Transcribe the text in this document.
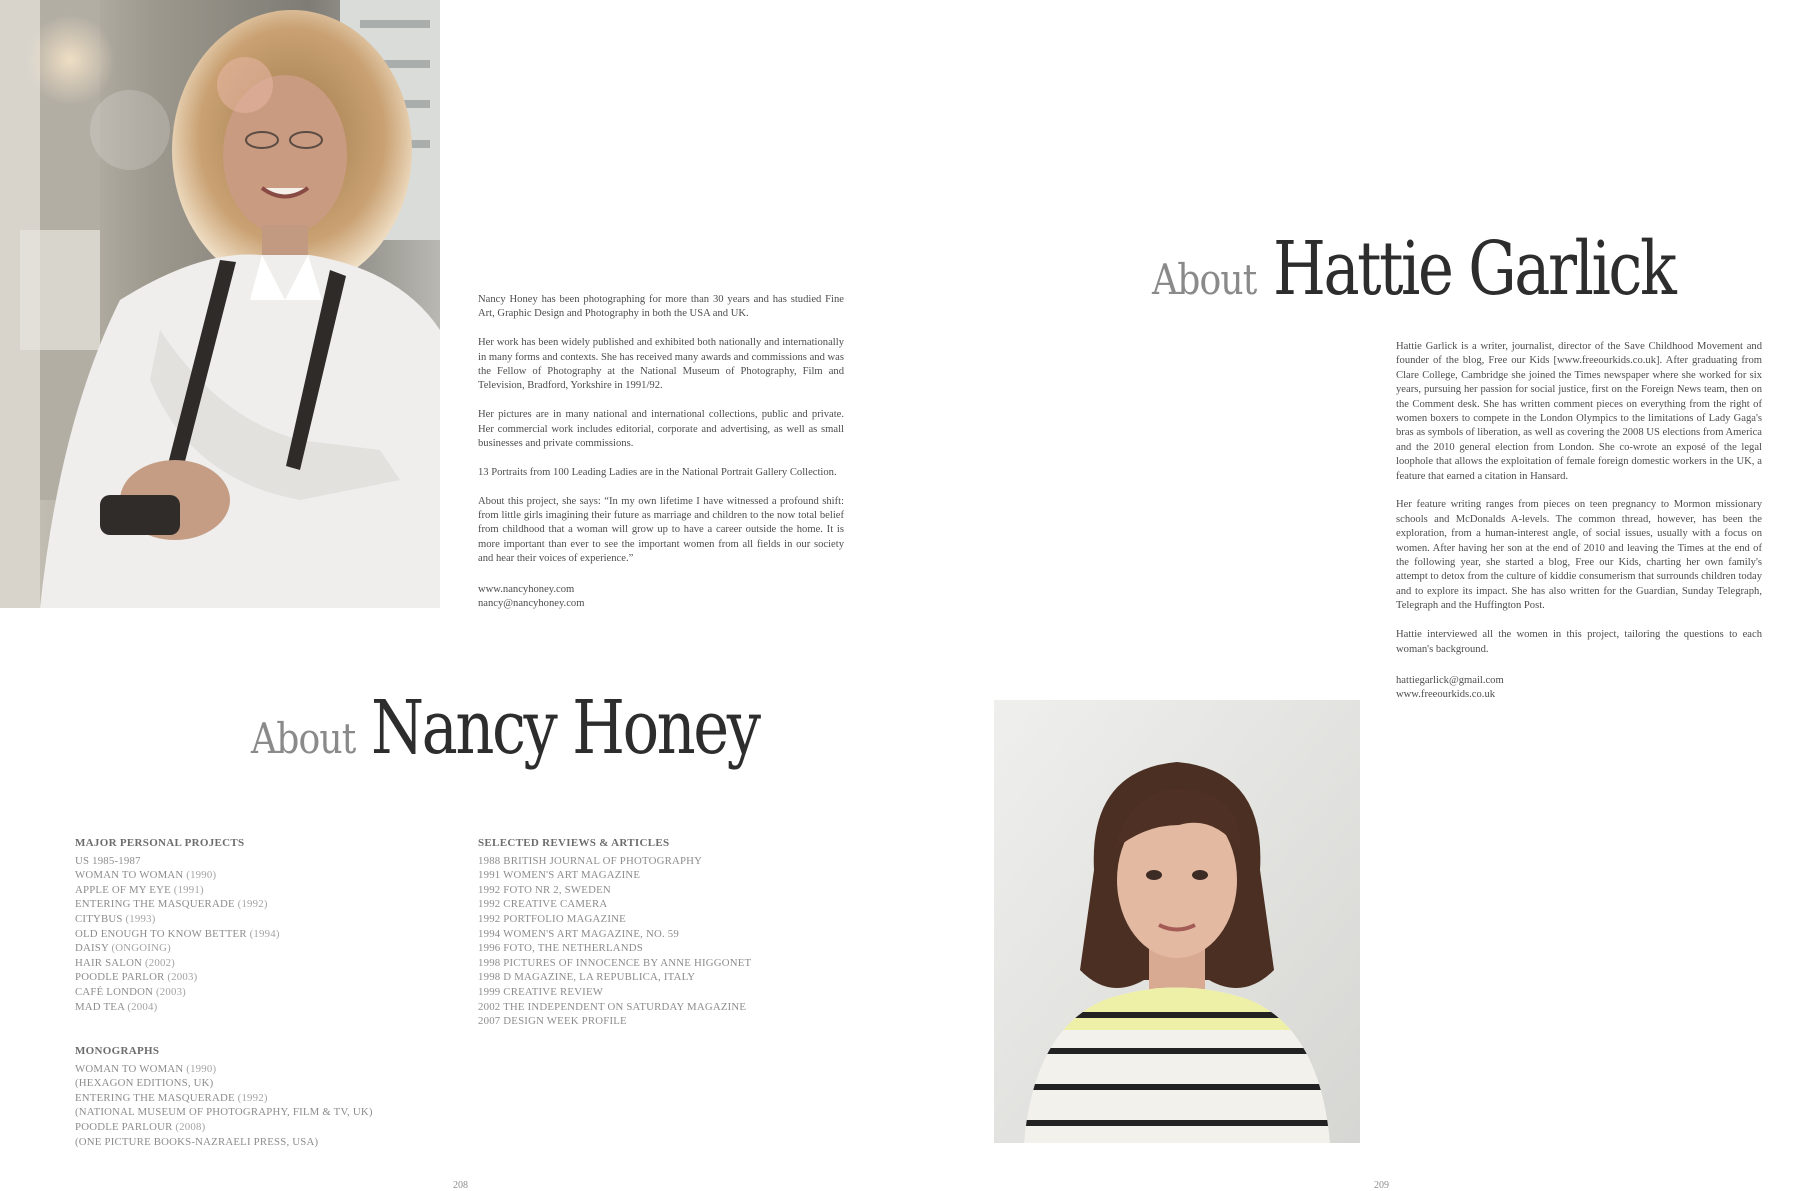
Nancy Honey has been photographing for more than 30 years and has studied Fine Art, Graphic Design and Photography in both the USA and UK.

Her work has been widely published and exhibited both nationally and internationally in many forms and contexts. She has received many awards and commissions and was the Fellow of Photography at the National Museum of Photography, Film and Television, Bradford, Yorkshire in 1991/92.

Her pictures are in many national and international collections, public and private. Her commercial work includes editorial, corporate and advertising, as well as small businesses and private commissions.

13 Portraits from 100 Leading Ladies are in the National Portrait Gallery Collection.

About this project, she says: “In my own lifetime I have witnessed a profound shift: from little girls imagining their future as marriage and children to the now total belief from childhood that a woman will grow up to have a career outside the home. It is more important than ever to see the important women from all fields in our society and hear their voices of experience.”

www.nancyhoney.com
nancy@nancyhoney.com
About Nancy Honey
MAJOR PERSONAL PROJECTS
US 1985-1987
WOMAN TO WOMAN (1990)
APPLE OF MY EYE (1991)
ENTERING THE MASQUERADE (1992)
CITYBUS (1993)
OLD ENOUGH TO KNOW BETTER (1994)
DAISY (ONGOING)
HAIR SALON (2002)
POODLE PARLOR (2003)
CAFÉ LONDON (2003)
MAD TEA (2004)
MONOGRAPHS
WOMAN TO WOMAN (1990)
(HEXAGON EDITIONS, UK)
ENTERING THE MASQUERADE (1992)
(NATIONAL MUSEUM OF PHOTOGRAPHY, FILM & TV, UK)
POODLE PARLOUR (2008)
(ONE PICTURE BOOKS-NAZRAELI PRESS, USA)
SELECTED REVIEWS & ARTICLES
1988 BRITISH JOURNAL OF PHOTOGRAPHY
1991 WOMEN'S ART MAGAZINE
1992 FOTO NR 2, SWEDEN
1992 CREATIVE CAMERA
1992 PORTFOLIO MAGAZINE
1994 WOMEN'S ART MAGAZINE, NO. 59
1996 FOTO, THE NETHERLANDS
1998 PICTURES OF INNOCENCE BY ANNE HIGGONET
1998 D MAGAZINE, LA REPUBLICA, ITALY
1999 CREATIVE REVIEW
2002 THE INDEPENDENT ON SATURDAY MAGAZINE
2007 DESIGN WEEK PROFILE
About Hattie Garlick

Hattie Garlick is a writer, journalist, director of the Save Childhood Movement and founder of the blog, Free our Kids [www.freeourkids.co.uk]. After graduating from Clare College, Cambridge she joined the Times newspaper where she worked for six years, pursuing her passion for social justice, first on the Foreign News team, then on the Comment desk. She has written comment pieces on everything from the right of women boxers to compete in the London Olympics to the limitations of Lady Gaga's bras as symbols of liberation, as well as covering the 2008 US elections from America and the 2010 general election from London. She co-wrote an exposé of the legal loophole that allows the exploitation of female foreign domestic workers in the UK, a feature that earned a citation in Hansard.

Her feature writing ranges from pieces on teen pregnancy to Mormon missionary schools and McDonalds A-levels. The common thread, however, has been the exploration, from a human-interest angle, of social issues, usually with a focus on women. After having her son at the end of 2010 and leaving the Times at the end of the following year, she started a blog, Free our Kids, charting her own family's attempt to detox from the culture of kiddie consumerism that surrounds children today and to explore its impact. She has also written for the Guardian, Sunday Telegraph, Telegraph and the Huffington Post.

Hattie interviewed all the women in this project, tailoring the questions to each woman's background.

hattiegarlick@gmail.com
www.freeourkids.co.uk
208	209
